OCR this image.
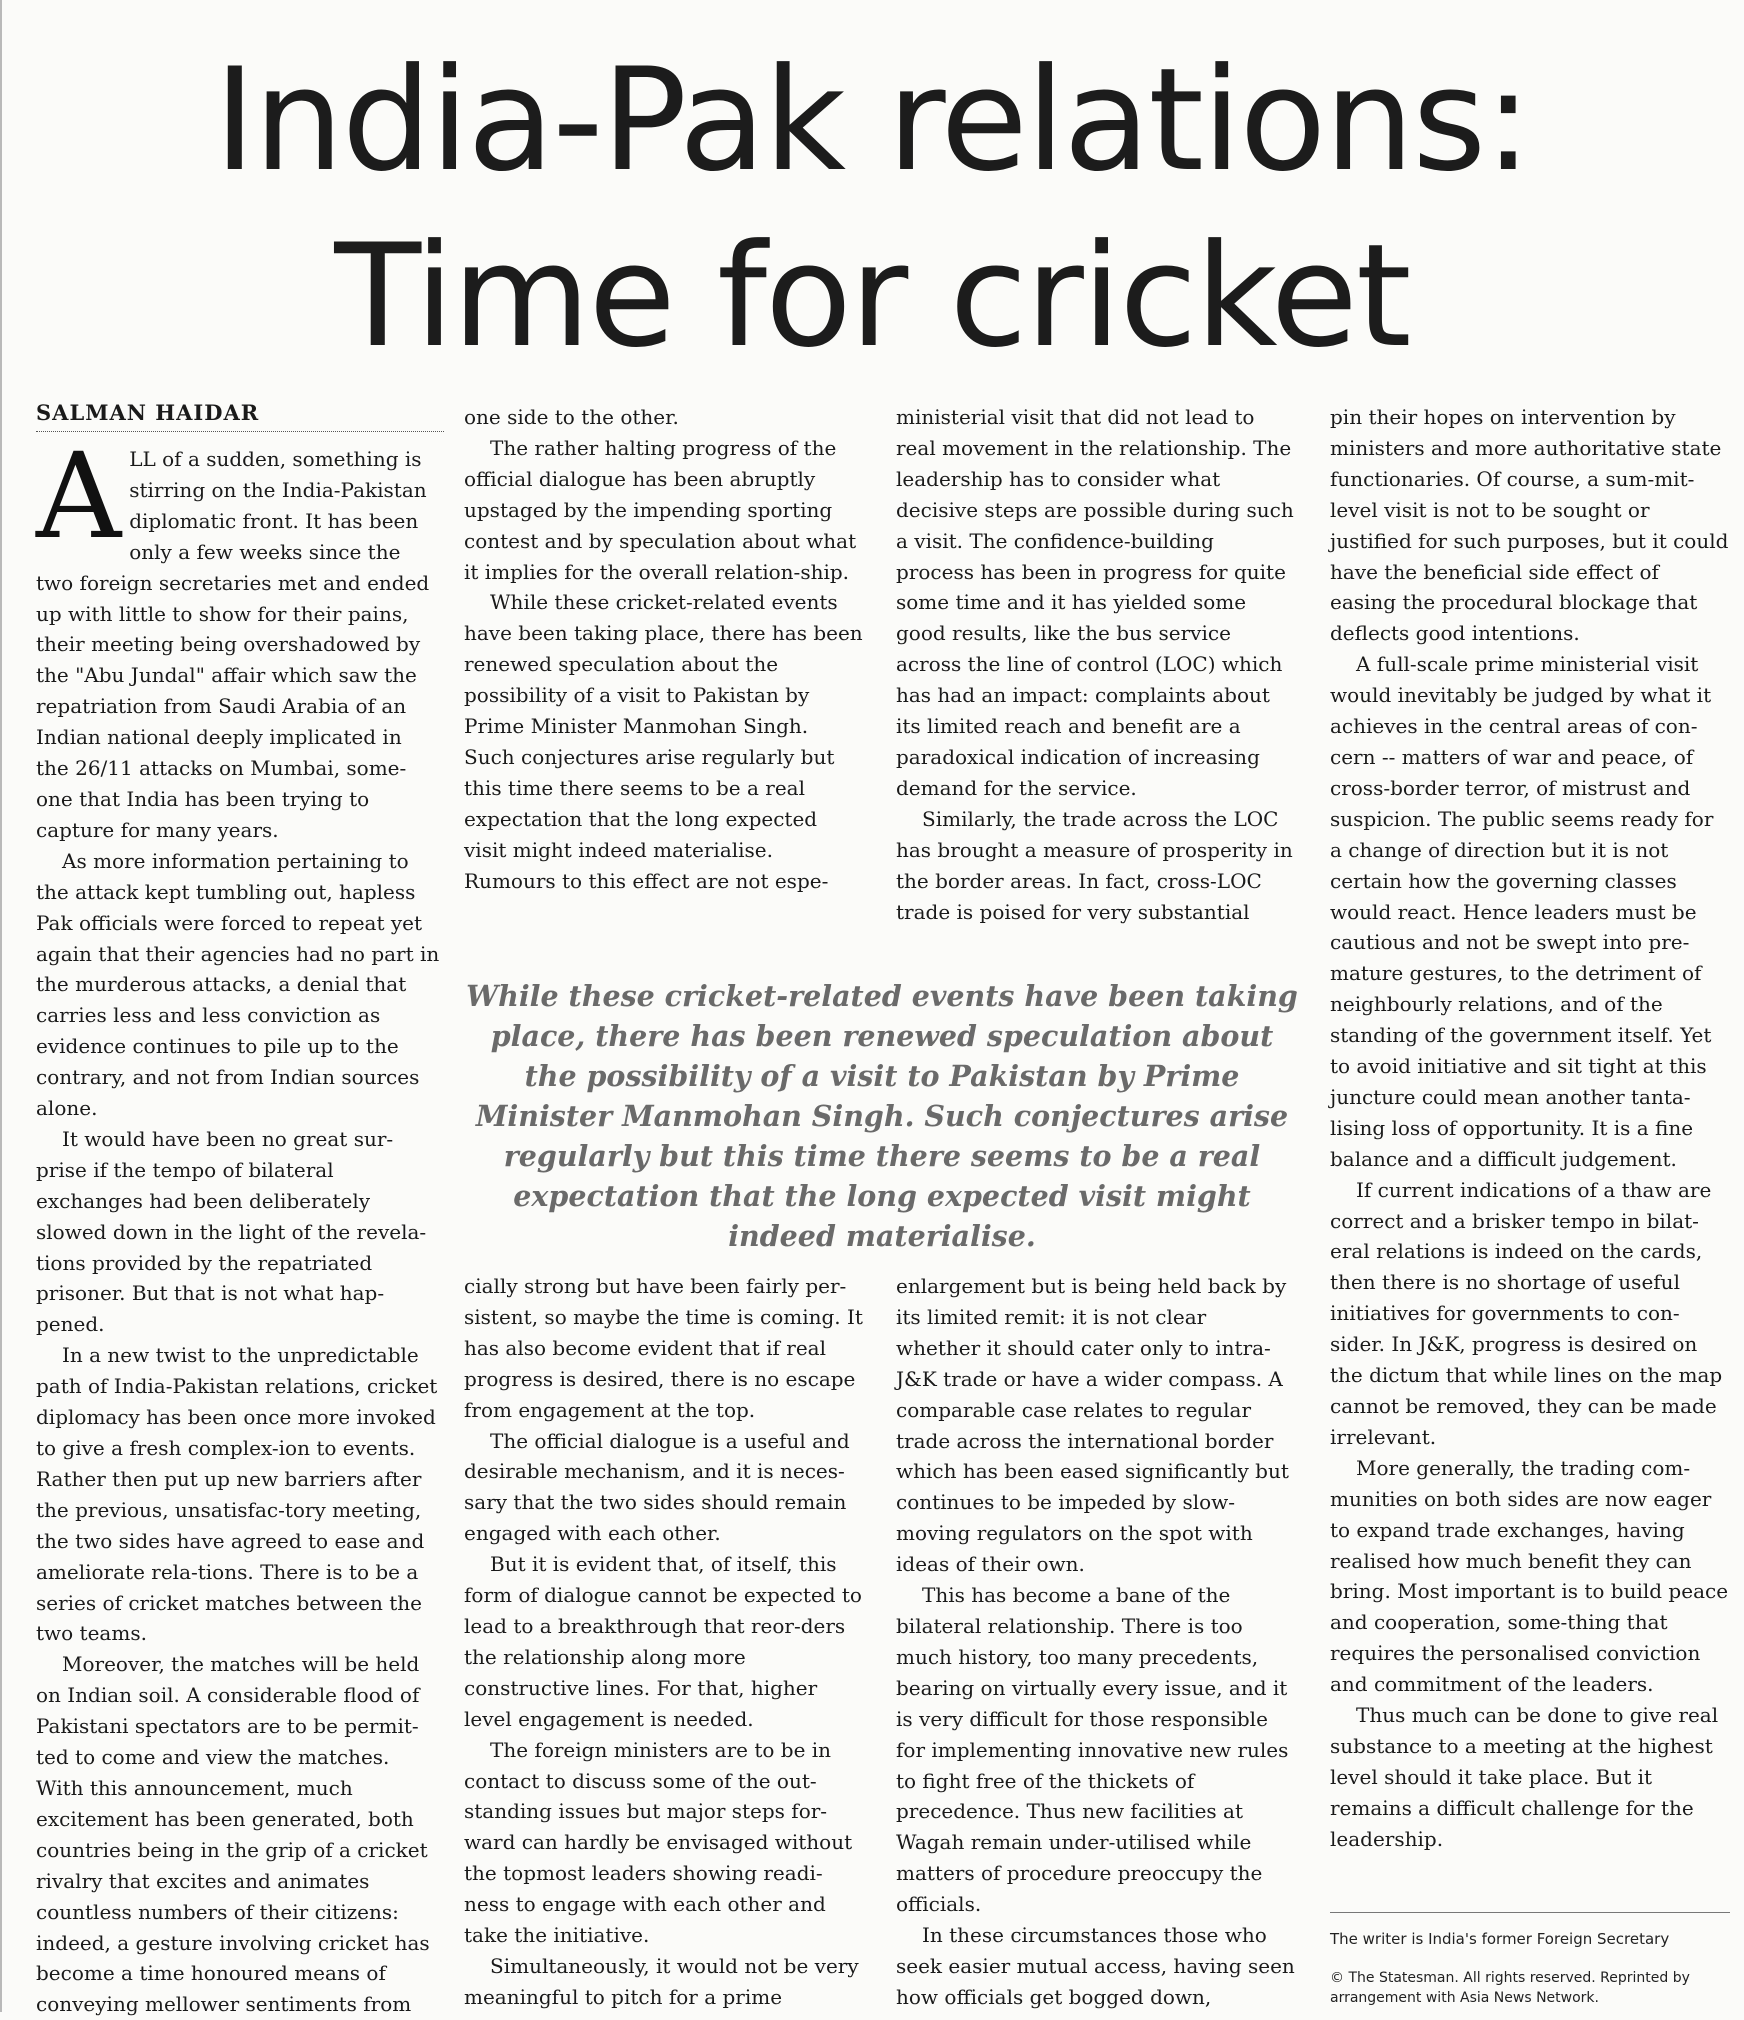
India-Pak relations:
Time for cricket
SALMAN HAIDAR
A LL of a sudden, something is stirring on the India-Pakistan diplomatic front. It has been only a few weeks since the two foreign secretaries met and ended up with little to show for their pains, their meeting being overshadowed by the "Abu Jundal" affair which saw the repatriation from Saudi Arabia of an Indian national deeply implicated in the 26/11 attacks on Mumbai, some-one that India has been trying to capture for many years.

As more information pertaining to the attack kept tumbling out, hapless Pak officials were forced to repeat yet again that their agencies had no part in the murderous attacks, a denial that carries less and less conviction as evidence continues to pile up to the contrary, and not from Indian sources alone.

It would have been no great sur-prise if the tempo of bilateral exchanges had been deliberately slowed down in the light of the revela-tions provided by the repatriated prisoner. But that is not what hap-pened.

In a new twist to the unpredictable path of India-Pakistan relations, cricket diplomacy has been once more invoked to give a fresh complex-ion to events. Rather then put up new barriers after the previous, unsatisfac-tory meeting, the two sides have agreed to ease and ameliorate rela-tions. There is to be a series of cricket matches between the two teams.

Moreover, the matches will be held on Indian soil. A considerable flood of Pakistani spectators are to be permit-ted to come and view the matches. With this announcement, much excitement has been generated, both countries being in the grip of a cricket rivalry that excites and animates countless numbers of their citizens: indeed, a gesture involving cricket has become a time honoured means of conveying mellower sentiments from

one side to the other.

The rather halting progress of the official dialogue has been abruptly upstaged by the impending sporting contest and by speculation about what it implies for the overall relation-ship.

While these cricket-related events have been taking place, there has been renewed speculation about the possibility of a visit to Pakistan by Prime Minister Manmohan Singh. Such conjectures arise regularly but this time there seems to be a real expectation that the long expected visit might indeed materialise. Rumours to this effect are not espe-

ministerial visit that did not lead to real movement in the relationship. The leadership has to consider what decisive steps are possible during such a visit. The confidence-building process has been in progress for quite some time and it has yielded some good results, like the bus service across the line of control (LOC) which has had an impact: complaints about its limited reach and benefit are a paradoxical indication of increasing demand for the service.

Similarly, the trade across the LOC has brought a measure of prosperity in the border areas. In fact, cross-LOC trade is poised for very substantial

While these cricket-related events have been taking place, there has been renewed speculation about the possibility of a visit to Pakistan by Prime Minister Manmohan Singh. Such conjectures arise regularly but this time there seems to be a real expectation that the long expected visit might indeed materialise.

cially strong but have been fairly per-sistent, so maybe the time is coming. It has also become evident that if real progress is desired, there is no escape from engagement at the top.

The official dialogue is a useful and desirable mechanism, and it is neces-sary that the two sides should remain engaged with each other.

But it is evident that, of itself, this form of dialogue cannot be expected to lead to a breakthrough that reor-ders the relationship along more constructive lines. For that, higher level engagement is needed.

The foreign ministers are to be in contact to discuss some of the out-standing issues but major steps for-ward can hardly be envisaged without the topmost leaders showing readi-ness to engage with each other and take the initiative.

Simultaneously, it would not be very meaningful to pitch for a prime

enlargement but is being held back by its limited remit: it is not clear whether it should cater only to intra-J&K trade or have a wider compass. A comparable case relates to regular trade across the international border which has been eased significantly but continues to be impeded by slow-moving regulators on the spot with ideas of their own.

This has become a bane of the bilateral relationship. There is too much history, too many precedents, bearing on virtually every issue, and it is very difficult for those responsible for implementing innovative new rules to fight free of the thickets of precedence. Thus new facilities at Wagah remain under-utilised while matters of procedure preoccupy the officials.

In these circumstances those who seek easier mutual access, having seen how officials get bogged down,

pin their hopes on intervention by ministers and more authoritative state functionaries. Of course, a sum-mit-level visit is not to be sought or justified for such purposes, but it could have the beneficial side effect of easing the procedural blockage that deflects good intentions.

A full-scale prime ministerial visit would inevitably be judged by what it achieves in the central areas of con-cern -- matters of war and peace, of cross-border terror, of mistrust and suspicion. The public seems ready for a change of direction but it is not certain how the governing classes would react. Hence leaders must be cautious and not be swept into pre-mature gestures, to the detriment of neighbourly relations, and of the standing of the government itself. Yet to avoid initiative and sit tight at this juncture could mean another tanta-lising loss of opportunity. It is a fine balance and a difficult judgement.

If current indications of a thaw are correct and a brisker tempo in bilat-eral relations is indeed on the cards, then there is no shortage of useful initiatives for governments to con-sider. In J&K, progress is desired on the dictum that while lines on the map cannot be removed, they can be made irrelevant.

More generally, the trading com-munities on both sides are now eager to expand trade exchanges, having realised how much benefit they can bring. Most important is to build peace and cooperation, some-thing that requires the personalised conviction and commitment of the leaders.

Thus much can be done to give real substance to a meeting at the highest level should it take place. But it remains a difficult challenge for the leadership.

The writer is India's former Foreign Secretary
© The Statesman. All rights reserved. Reprinted by arrangement with Asia News Network.
